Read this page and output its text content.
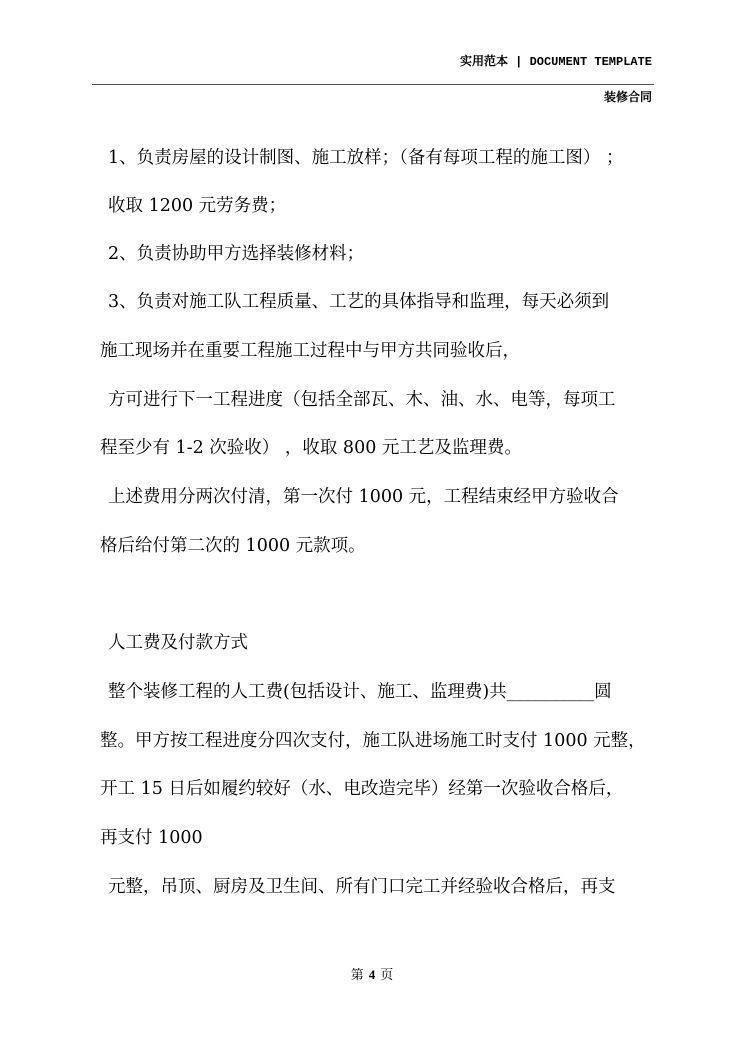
实用范本 | DOCUMENT TEMPLATE
装修合同
1、负责房屋的设计制图、施工放样；（备有每项工程的施工图） ；
收取 1200 元劳务费；
2、负责协助甲方选择装修材料；
3、负责对施工队工程质量、工艺的具体指导和监理，每天必须到
施工现场并在重要工程施工过程中与甲方共同验收后，
方可进行下一工程进度（包括全部瓦、木、油、水、电等，每项工
程至少有 1-2 次验收） ，收取 800 元工艺及监理费。
上述费用分两次付清，第一次付 1000 元，工程结束经甲方验收合
格后给付第二次的 1000 元款项。
人工费及付款方式
整个装修工程的人工费(包括设计、施工、监理费)共__________圆
整。甲方按工程进度分四次支付，施工队进场施工时支付 1000 元整，
开工 15 日后如履约较好（水、电改造完毕）经第一次验收合格后，
再支付 1000
元整，吊顶、厨房及卫生间、所有门口完工并经验收合格后，再支
第 4 页
